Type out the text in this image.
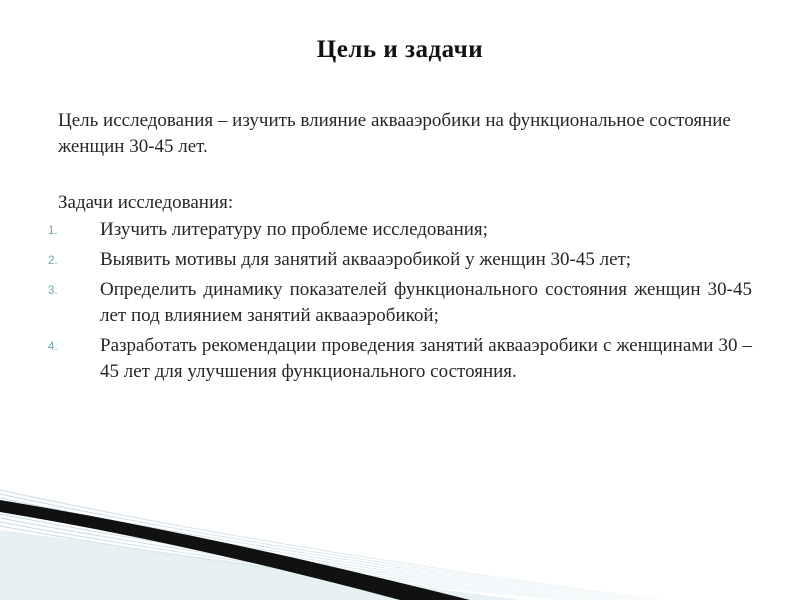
Цель и задачи

Цель исследования – изучить влияние аквааэробики на функциональное состояние женщин 30-45 лет.

Задачи исследования:
1. Изучить литературу по проблеме исследования;
2. Выявить мотивы для занятий аквааэробикой у женщин 30-45 лет;
3. Определить динамику показателей функционального состояния женщин 30-45 лет под влиянием занятий аквааэробикой;
4. Разработать рекомендации проведения занятий аквааэробики с женщинами 30 – 45 лет для улучшения функционального состояния.
